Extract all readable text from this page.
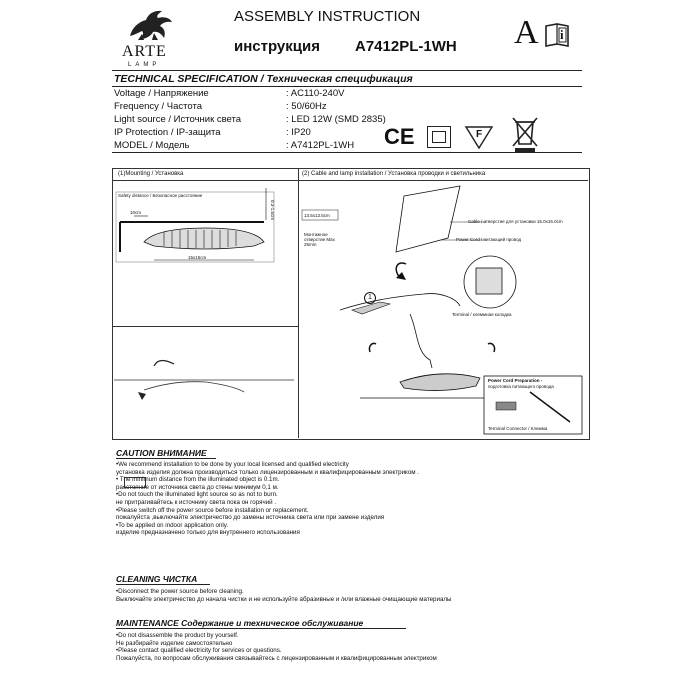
ARTE
LAMP
ASSEMBLY INSTRUCTION
инструкция A7412PL-1WH A i
TECHNICAL SPECIFICATION / Техническая спецификация
Voltage / Напряжение	: AC110-240V
Frequency / Частота	: 50/60Hz
Light source / Источник света	: LED 12W (SMD 2835)
IP Protection / IP-защита	: IP20
MODEL / Модель	: A7412PL-1WH CE	F
(1)Mounting / Установка	(2) Cable and lamp installation / Установка проводки и светильника
Safety distance / Безопасное расстояние
10cm
15x15cm
0.3-1.5cm	13.5x13.5cm
Монтажное отверстие Max 25mm
Cable / отверстие для установки 15.0х15.0cm
Power Cord / питающий провод
Terminal / клеммная колодка
1
Power Cord Preparation -
подготовка питающего провода
Terminal Connector / Клемма
CAUTION ВНИМАНИЕ
•We recommend installation to be done by your local licensed and qualified electricity
установка изделия должна производиться только лицензированным и квалифицированным электриком .
• The minimum distance from the illuminated object is 0.1m.
расстояние от источника света до стены минимум 0,1 м.
•Do not touch the illuminated light source so as not to burn.
не притрагивайтесь к источнику света пока он горячий .
•Please switch off the power source before installation or replacement.
пожалуйста ,выключайте электричество до замены источника света или при замене изделия
•To be applied on indoor application only.
изделие предназначено только для внутреннего использования
CLEANING ЧИСТКА
•Disconnect the power source before cleaning.
Выключайте электричество до начала чистки и не используйте абразивные и /или влажные очищающие материалы
MAINTENANCE Содержание и техническое обслуживание
•Do not disassemble the product by yourself.
Не разбирайте изделие самостоятельно
•Please contact qualified electricity for services or questions.
Пожалуйста, по вопросам обслуживания связывайтесь с лицензированным и квалифицированным электриком
